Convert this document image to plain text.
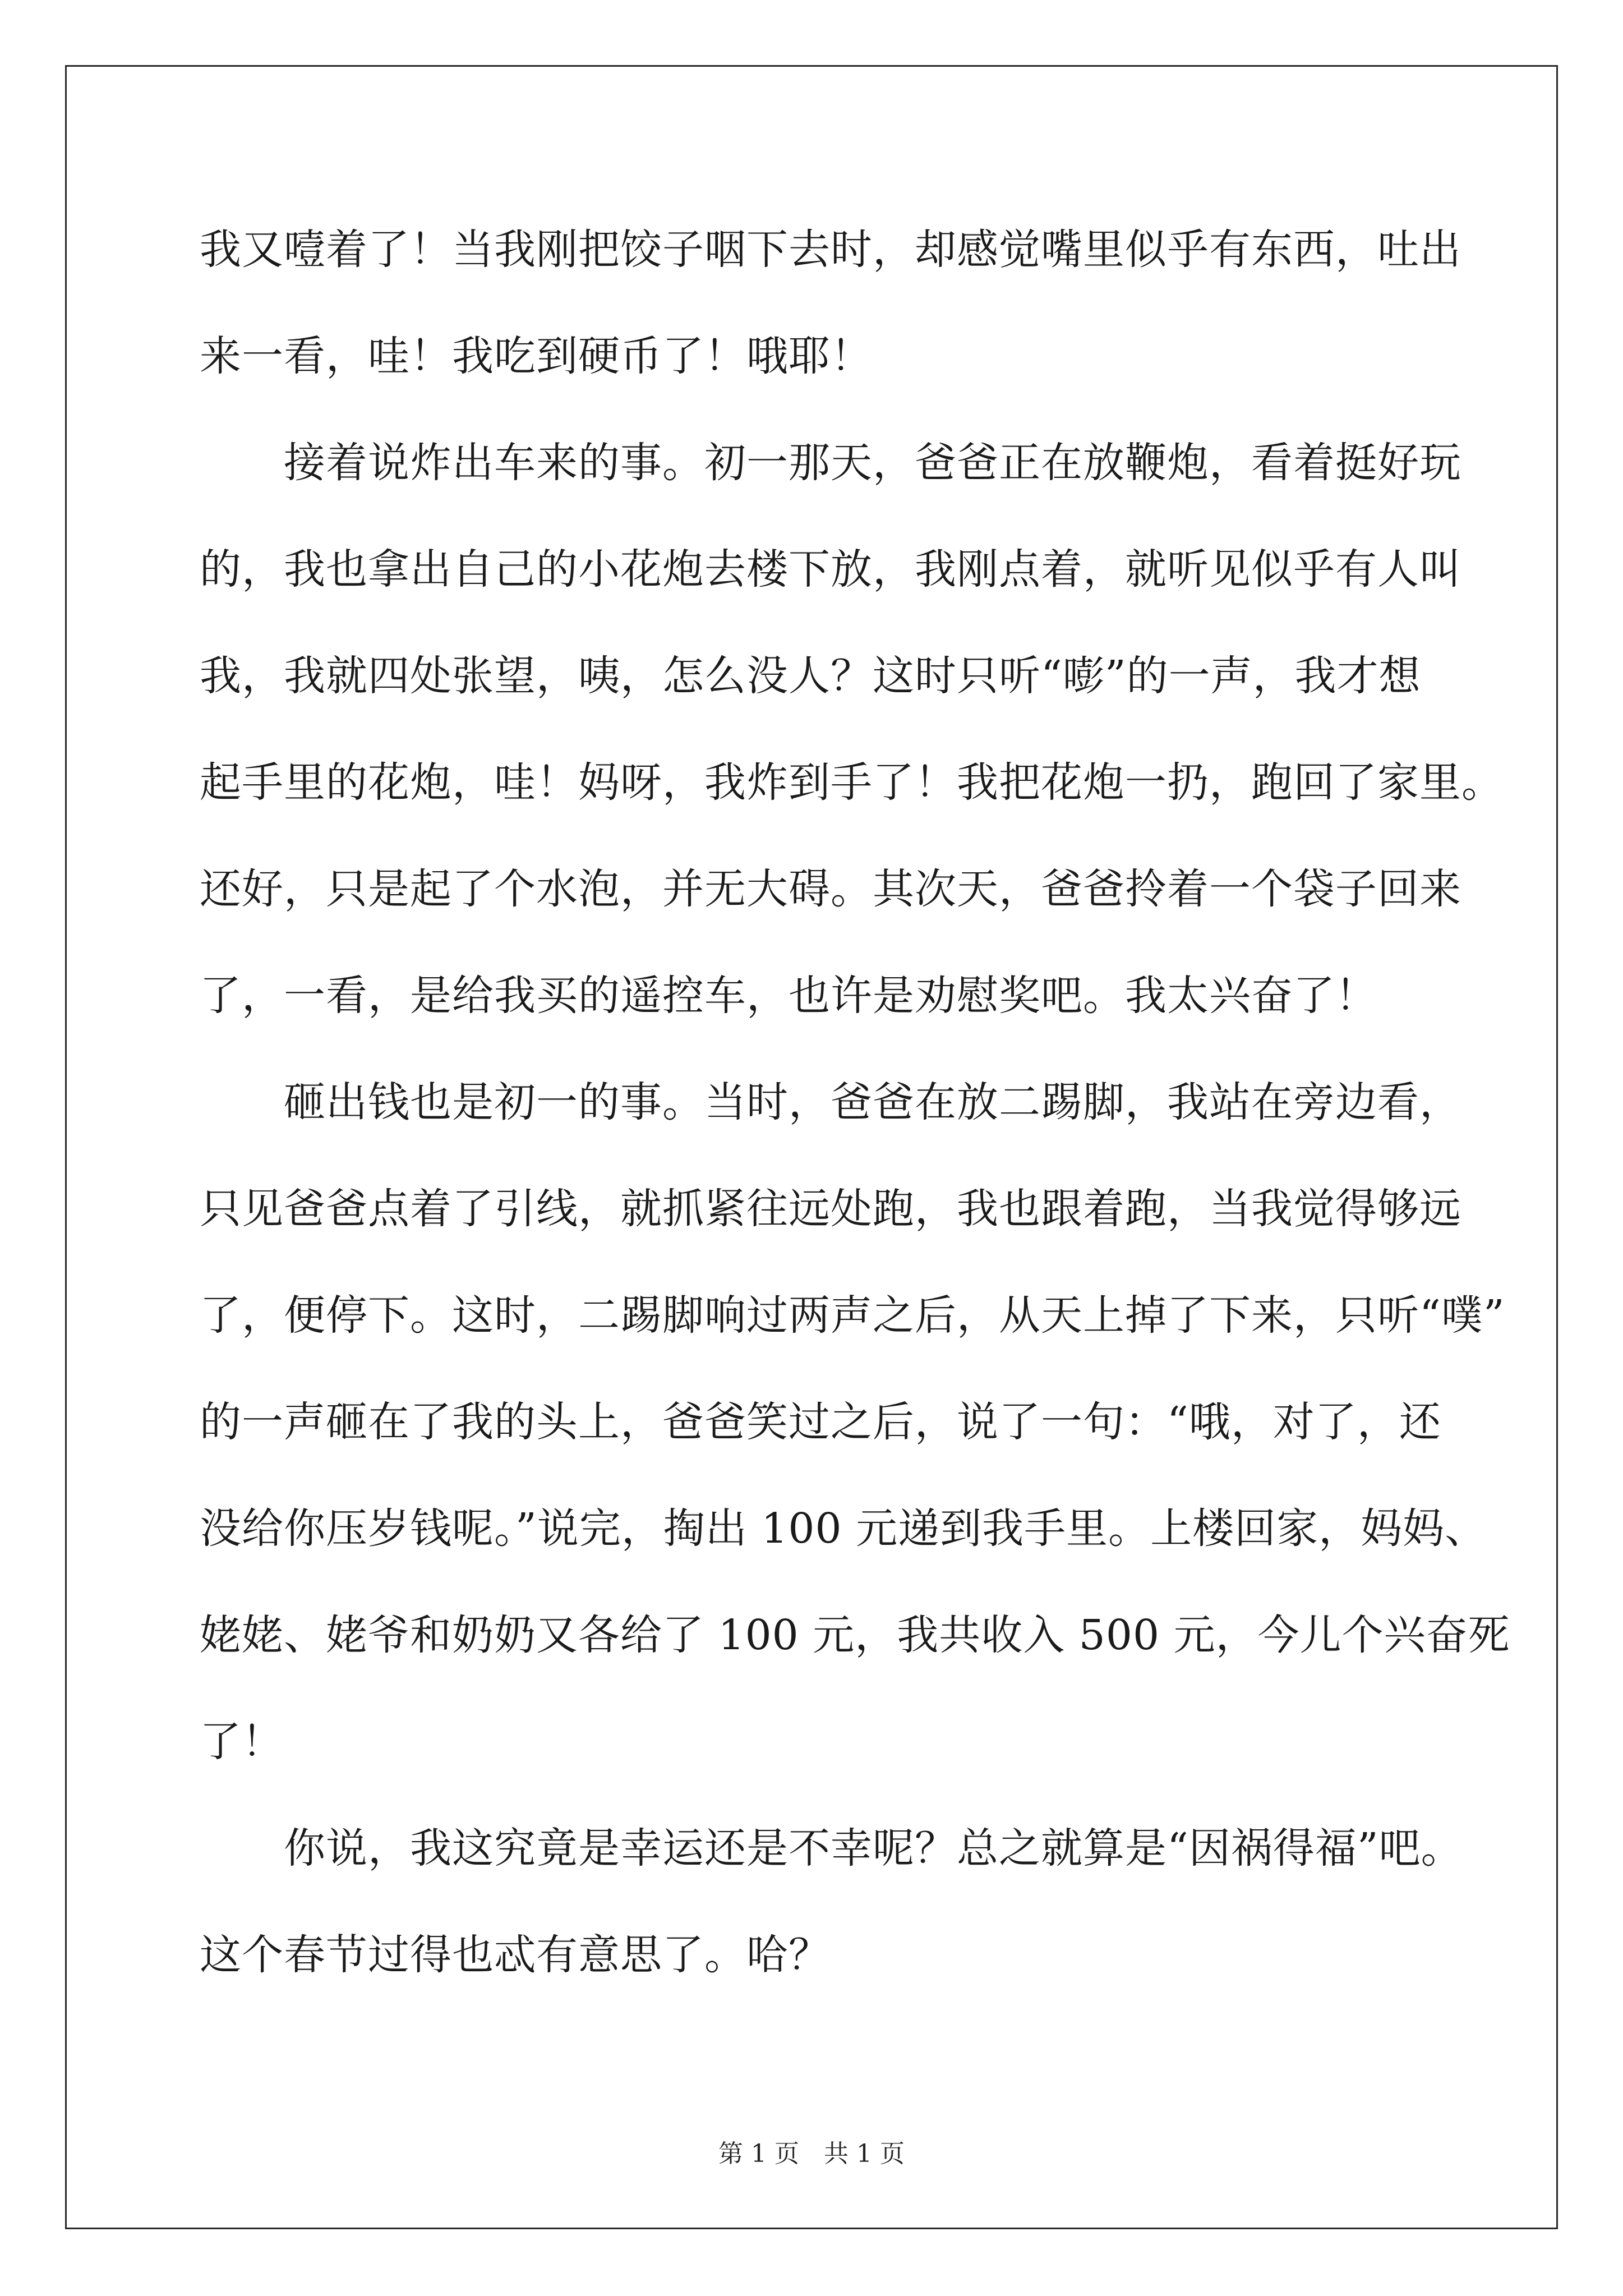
我又噎着了！当我刚把饺子咽下去时，却感觉嘴里似乎有东西，吐出

来一看，哇！我吃到硬币了！哦耶！

　　接着说炸出车来的事。初一那天，爸爸正在放鞭炮，看着挺好玩

的，我也拿出自己的小花炮去楼下放，我刚点着，就听见似乎有人叫

我，我就四处张望，咦，怎么没人？这时只听“嘭”的一声，我才想

起手里的花炮，哇！妈呀，我炸到手了！我把花炮一扔，跑回了家里。

还好，只是起了个水泡，并无大碍。其次天，爸爸拎着一个袋子回来

了，一看，是给我买的遥控车，也许是劝慰奖吧。我太兴奋了！

　　砸出钱也是初一的事。当时，爸爸在放二踢脚，我站在旁边看，

只见爸爸点着了引线，就抓紧往远处跑，我也跟着跑，当我觉得够远

了，便停下。这时，二踢脚响过两声之后，从天上掉了下来，只听“噗”

的一声砸在了我的头上，爸爸笑过之后，说了一句：“哦，对了，还

没给你压岁钱呢。”说完，掏出 100 元递到我手里。上楼回家，妈妈、

姥姥、姥爷和奶奶又各给了 100 元，我共收入 500 元，今儿个兴奋死

了！

　　你说，我这究竟是幸运还是不幸呢？总之就算是“因祸得福”吧。

这个春节过得也忒有意思了。哈？

第 1 页　共 1 页
